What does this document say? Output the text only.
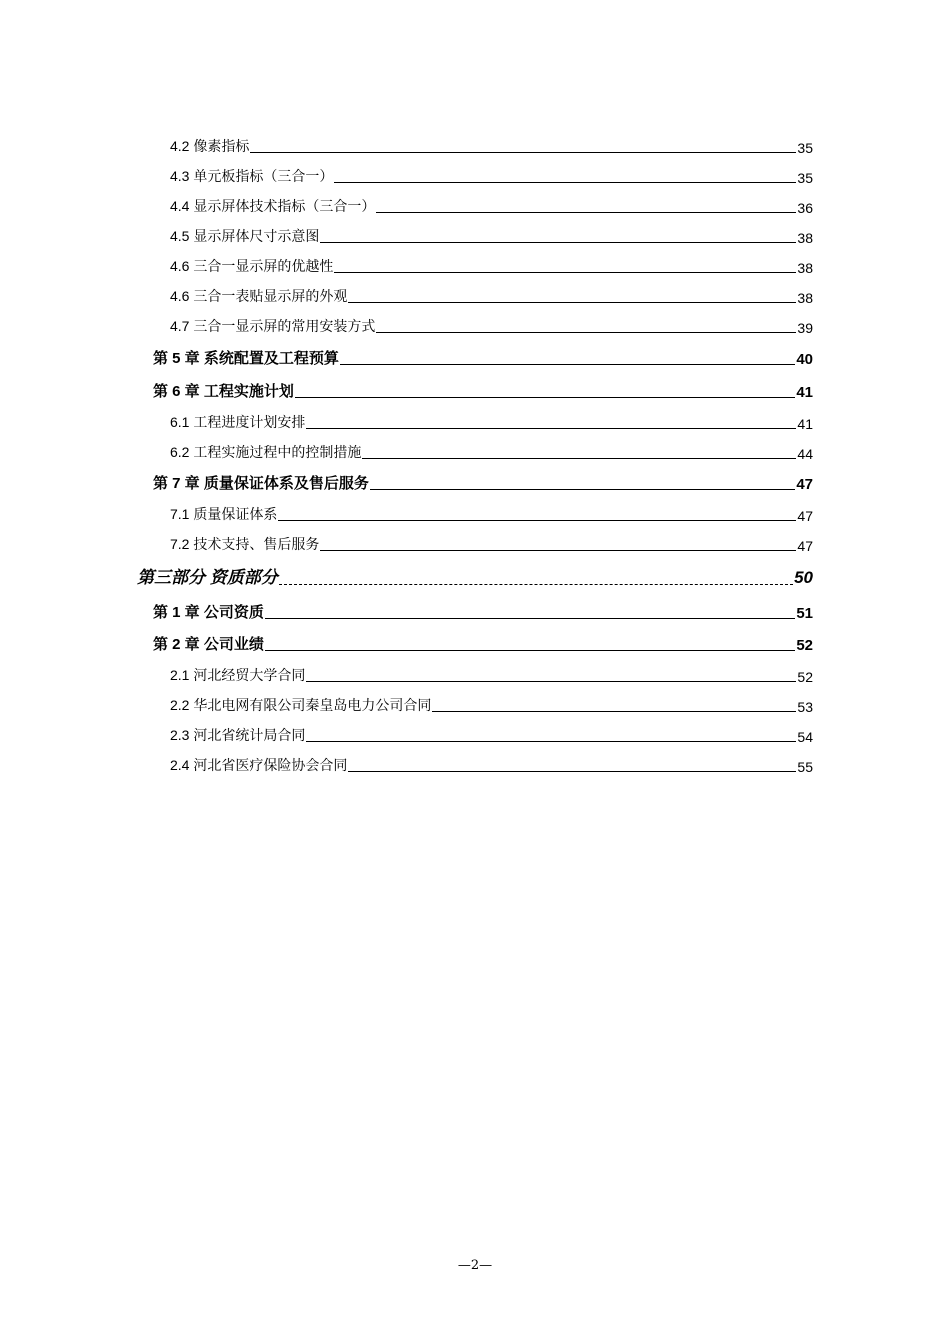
4.2 像素指标	35
4.3 单元板指标（三合一）	35
4.4 显示屏体技术指标（三合一）	36
4.5 显示屏体尺寸示意图	38
4.6 三合一显示屏的优越性	38
4.6 三合一表贴显示屏的外观	38
4.7 三合一显示屏的常用安装方式	39
第 5 章 系统配置及工程预算	40
第 6 章 工程实施计划	41
6.1 工程进度计划安排	41
6.2 工程实施过程中的控制措施	44
第 7 章 质量保证体系及售后服务	47
7.1 质量保证体系	47
7.2 技术支持、售后服务	47
第三部分 资质部分	50
第 1 章 公司资质	51
第 2 章 公司业绩	52
2.1 河北经贸大学合同	52
2.2 华北电网有限公司秦皇岛电力公司合同	53
2.3 河北省统计局合同	54
2.4 河北省医疗保险协会合同	55
—2—
